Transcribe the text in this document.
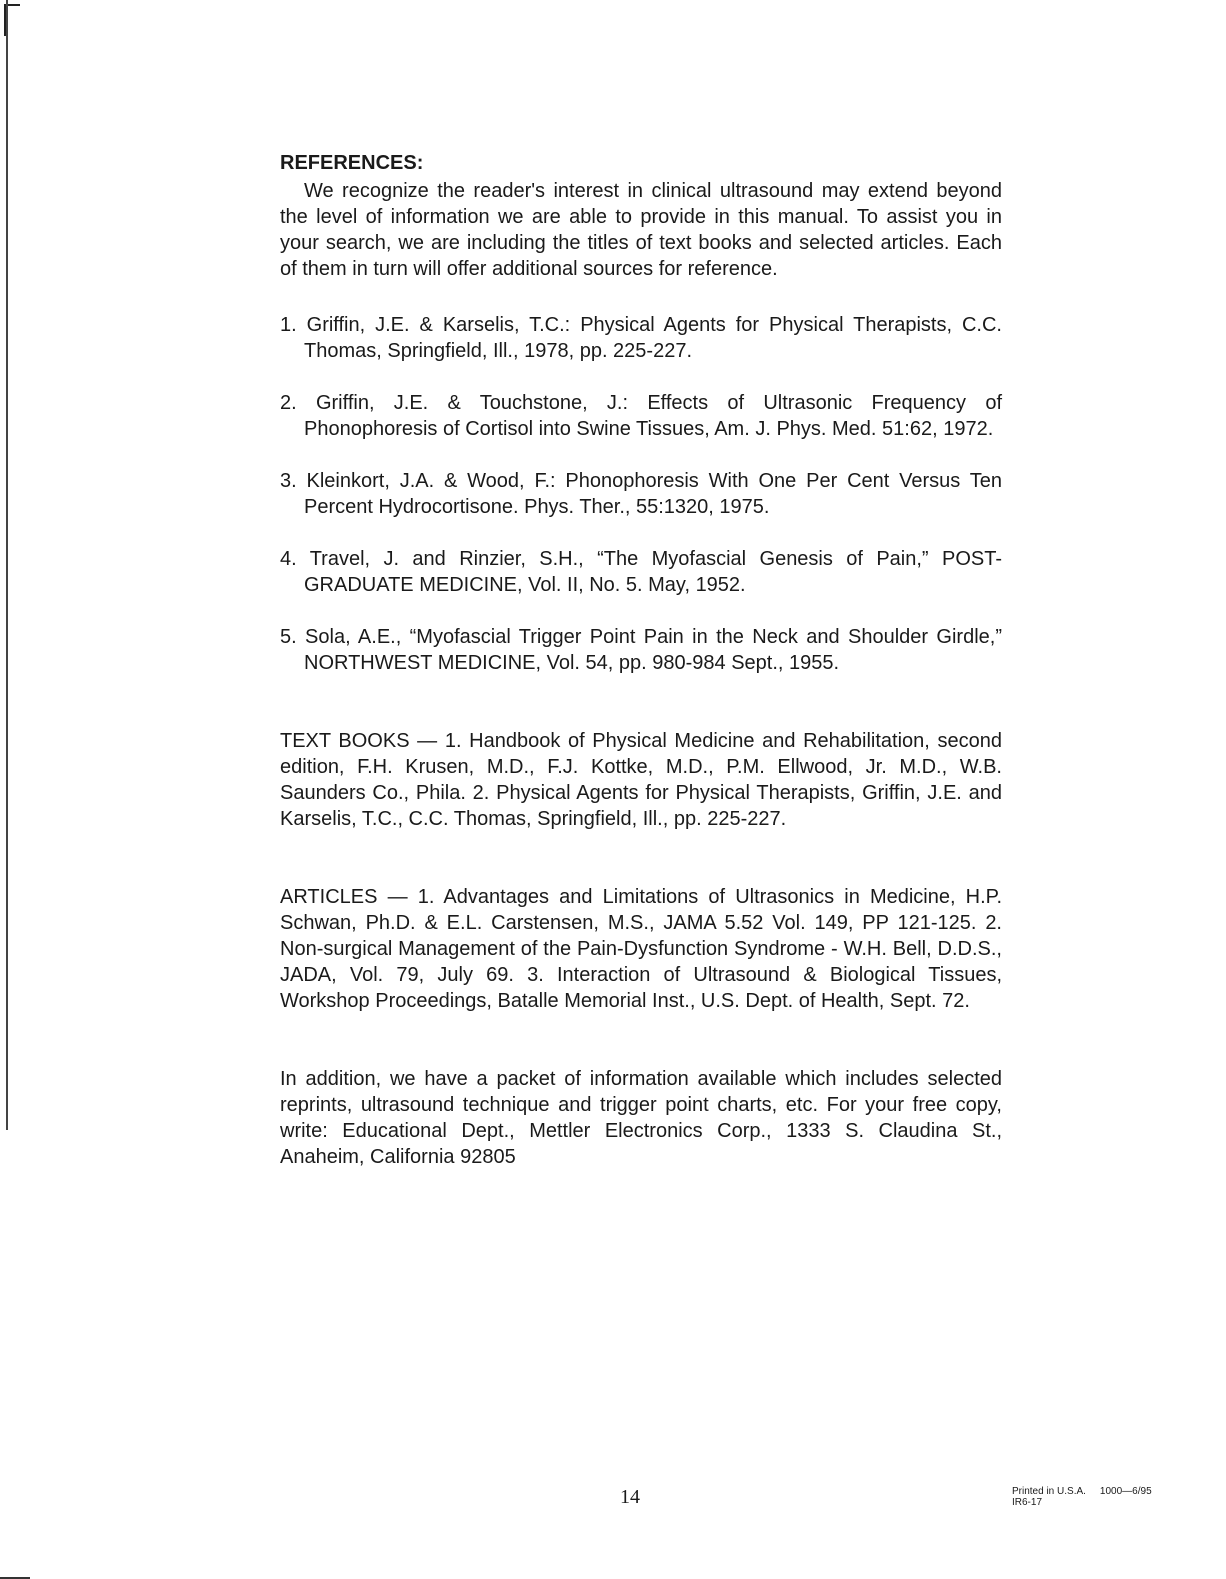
REFERENCES:

We recognize the reader's interest in clinical ultrasound may extend beyond the level of information we are able to provide in this manual. To assist you in your search, we are including the titles of text books and selected articles. Each of them in turn will offer additional sources for reference.

1. Griffin, J.E. & Karselis, T.C.: Physical Agents for Physical Therapists, C.C. Thomas, Springfield, Ill., 1978, pp. 225-227.
2. Griffin, J.E. & Touchstone, J.: Effects of Ultrasonic Frequency of Phonophoresis of Cortisol into Swine Tissues, Am. J. Phys. Med. 51:62, 1972.
3. Kleinkort, J.A. & Wood, F.: Phonophoresis With One Per Cent Versus Ten Percent Hydrocortisone. Phys. Ther., 55:1320, 1975.
4. Travel, J. and Rinzier, S.H., “The Myofascial Genesis of Pain,” POST-GRADUATE MEDICINE, Vol. II, No. 5. May, 1952.
5. Sola, A.E., “Myofascial Trigger Point Pain in the Neck and Shoulder Girdle,” NORTHWEST MEDICINE, Vol. 54, pp. 980-984 Sept., 1955.

TEXT BOOKS — 1. Handbook of Physical Medicine and Rehabilitation, second edition, F.H. Krusen, M.D., F.J. Kottke, M.D., P.M. Ellwood, Jr. M.D., W.B. Saunders Co., Phila. 2. Physical Agents for Physical Therapists, Griffin, J.E. and Karselis, T.C., C.C. Thomas, Springfield, Ill., pp. 225-227.

ARTICLES — 1. Advantages and Limitations of Ultrasonics in Medicine, H.P. Schwan, Ph.D. & E.L. Carstensen, M.S., JAMA 5.52 Vol. 149, PP 121-125. 2. Non-surgical Management of the Pain-Dysfunction Syndrome - W.H. Bell, D.D.S., JADA, Vol. 79, July 69. 3. Interaction of Ultrasound & Biological Tissues, Workshop Proceedings, Batalle Memorial Inst., U.S. Dept. of Health, Sept. 72.

In addition, we have a packet of information available which includes selected reprints, ultrasound technique and trigger point charts, etc. For your free copy, write: Educational Dept., Mettler Electronics Corp., 1333 S. Claudina St., Anaheim, California 92805

14	Printed in U.S.A. 1000—6/95
IR6-17
